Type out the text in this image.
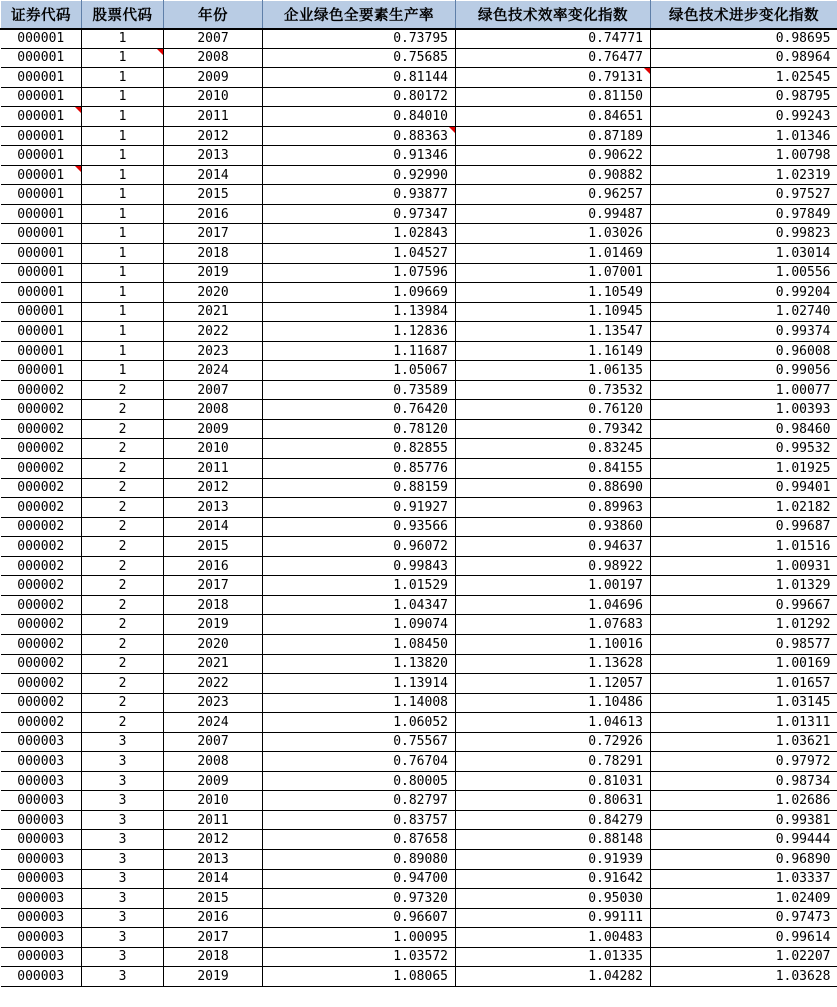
证券代码	股票代码	年份	企业绿色全要素生产率	绿色技术效率变化指数	绿色技术进步变化指数
000001	1	2007	0.73795	0.74771	0.98695
000001	1	2008	0.75685	0.76477	0.98964
000001	1	2009	0.81144	0.79131	1.02545
000001	1	2010	0.80172	0.81150	0.98795
000001	1	2011	0.84010	0.84651	0.99243
000001	1	2012	0.88363	0.87189	1.01346
000001	1	2013	0.91346	0.90622	1.00798
000001	1	2014	0.92990	0.90882	1.02319
000001	1	2015	0.93877	0.96257	0.97527
000001	1	2016	0.97347	0.99487	0.97849
000001	1	2017	1.02843	1.03026	0.99823
000001	1	2018	1.04527	1.01469	1.03014
000001	1	2019	1.07596	1.07001	1.00556
000001	1	2020	1.09669	1.10549	0.99204
000001	1	2021	1.13984	1.10945	1.02740
000001	1	2022	1.12836	1.13547	0.99374
000001	1	2023	1.11687	1.16149	0.96008
000001	1	2024	1.05067	1.06135	0.99056
000002	2	2007	0.73589	0.73532	1.00077
000002	2	2008	0.76420	0.76120	1.00393
000002	2	2009	0.78120	0.79342	0.98460
000002	2	2010	0.82855	0.83245	0.99532
000002	2	2011	0.85776	0.84155	1.01925
000002	2	2012	0.88159	0.88690	0.99401
000002	2	2013	0.91927	0.89963	1.02182
000002	2	2014	0.93566	0.93860	0.99687
000002	2	2015	0.96072	0.94637	1.01516
000002	2	2016	0.99843	0.98922	1.00931
000002	2	2017	1.01529	1.00197	1.01329
000002	2	2018	1.04347	1.04696	0.99667
000002	2	2019	1.09074	1.07683	1.01292
000002	2	2020	1.08450	1.10016	0.98577
000002	2	2021	1.13820	1.13628	1.00169
000002	2	2022	1.13914	1.12057	1.01657
000002	2	2023	1.14008	1.10486	1.03145
000002	2	2024	1.06052	1.04613	1.01311
000003	3	2007	0.75567	0.72926	1.03621
000003	3	2008	0.76704	0.78291	0.97972
000003	3	2009	0.80005	0.81031	0.98734
000003	3	2010	0.82797	0.80631	1.02686
000003	3	2011	0.83757	0.84279	0.99381
000003	3	2012	0.87658	0.88148	0.99444
000003	3	2013	0.89080	0.91939	0.96890
000003	3	2014	0.94700	0.91642	1.03337
000003	3	2015	0.97320	0.95030	1.02409
000003	3	2016	0.96607	0.99111	0.97473
000003	3	2017	1.00095	1.00483	0.99614
000003	3	2018	1.03572	1.01335	1.02207
000003	3	2019	1.08065	1.04282	1.03628
